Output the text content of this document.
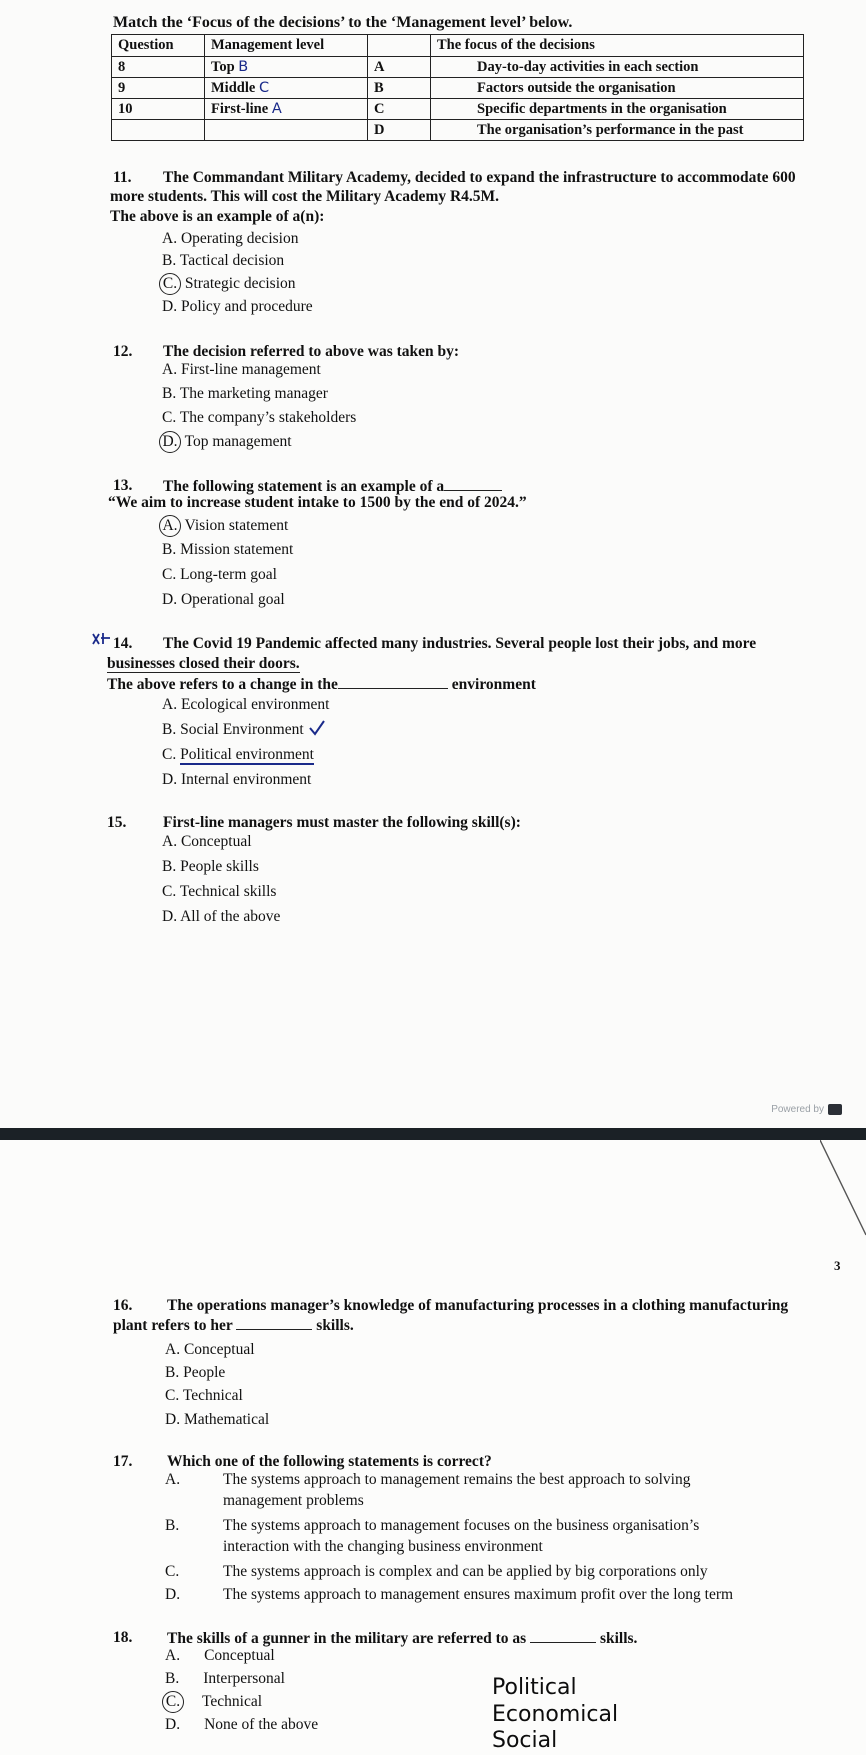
Match the ‘Focus of the decisions’ to the ‘Management level’ below.
Question	Management level		The focus of the decisions
8	Top B	A	Day-to-day activities in each section
9	Middle C	B	Factors outside the organisation
10	First-line A	C	Specific departments in the organisation
		D	The organisation’s performance in the past
11. The Commandant Military Academy, decided to expand the infrastructure to accommodate 600
more students. This will cost the Military Academy R4.5M.
The above is an example of a(n):
A. Operating decision
B. Tactical decision
C. Strategic decision
D. Policy and procedure
12. The decision referred to above was taken by:
A. First-line management
B. The marketing manager
C. The company’s stakeholders
D. Top management
13. The following statement is an example of a
“We aim to increase student intake to 1500 by the end of 2024.”
A. Vision statement
B. Mission statement
C. Long-term goal
D. Operational goal
14. The Covid 19 Pandemic affected many industries. Several people lost their jobs, and more
businesses closed their doors.
The above refers to a change in the	environment
A. Ecological environment
B. Social Environment
C. Political environment
D. Internal environment
15. First-line managers must master the following skill(s):
A. Conceptual
B. People skills
C. Technical skills
D. All of the above
Powered by
3
16. The operations manager’s knowledge of manufacturing processes in a clothing manufacturing
plant refers to her	skills.
A. Conceptual
B. People
C. Technical
D. Mathematical
17. Which one of the following statements is correct?
A.	The systems approach to management remains the best approach to solving
management problems
B.	The systems approach to management focuses on the business organisation’s
interaction with the changing business environment
C.	The systems approach is complex and can be applied by big corporations only
D.	The systems approach to management ensures maximum profit over the long term
18. The skills of a gunner in the military are referred to as	skills.
A. Conceptual
B. Interpersonal
C. Technical
D. None of the above
Political
Economical
Social
